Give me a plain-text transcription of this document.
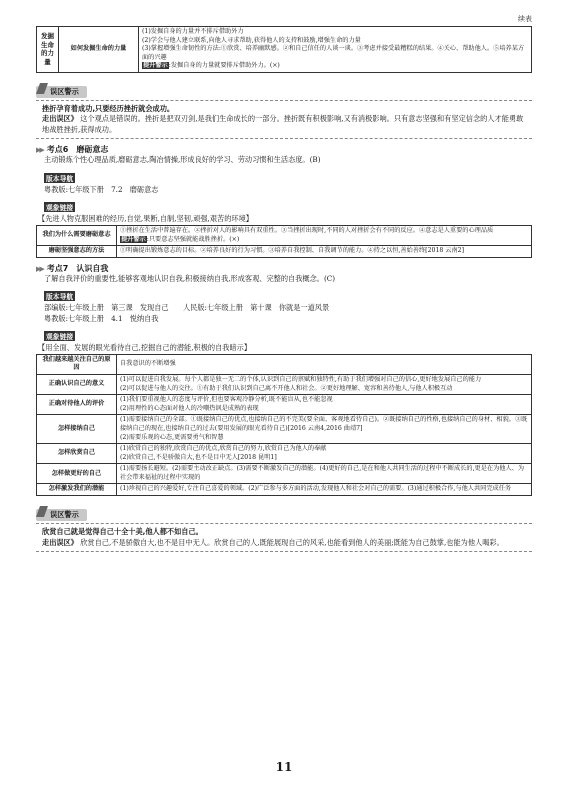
续表
发掘生命的力量	如何发掘生命的力量	
(1)发掘自身的力量并不排斥借助外力
(2)学会与他人建立联系,向他人寻求帮助,获得他人的支持和鼓励,增强生命的力量
(3)掌握增强生命韧性的方法:①欣赏、培养幽默感。②和自己信任的人谈一谈。③考虑并接受最糟糕的结果。④关心、帮助他人。⑤培养某方面的兴趣
提升警示:发掘自身的力量就要排斥借助外力。(×)
误区警示
挫折孕育着成功,只要经历挫折就会成功。
走出误区》 这个观点是错误的。挫折是把双刃剑,是我们生命成长的一部分。挫折既有积极影响,又有消极影响。只有意志坚强和有坚定信念的人才能勇敢地战胜挫折,获得成功。
▶▶ 考点6　磨砺意志
主动锻炼个性心理品质,磨砺意志,陶冶情操,形成良好的学习、劳动习惯和生活态度。(B)
版本导航
粤教版:七年级下册　7.2　磨砺意志
观象链接
【先进人物克服困难的经历,自觉,果断,自制,坚韧,顽强,艰苦的环境】
我们为什么需要磨砺意志	①挫折在生活中普遍存在。②挫折对人的影响具有双重性。③当挫折出现时,不同的人对挫折会有不同的反应。④意志是人重要的心理品质
提升警示:只要意志坚强就能战胜挫折。(×)

磨砺坚强意志的方法	①明确提出锻炼意志的目标。②培养良好的行为习惯。③培养自我控制、自我调节的能力。④持之以恒,善始善终[2018 云南2]
▶▶ 考点7　认识自我
了解自我评价的重要性,能够客观地认识自我,积极接纳自我,形成客观、完整的自我概念。(C)
版本导航
部编版:七年级上册　第三课　发现自己　　人民版:七年级上册　第十课　你就是一道风景
粤教版:七年级上册　4.1　悦纳自我
观象链接
【用全面、发展的眼光看待自己,挖掘自己的潜能,积极的自我暗示】
我们越来越关注自己的原因	自我意识的不断增强

正确认识自己的意义	(1)可以促进自我发展。每个人都是独一无二的个体,认识到自己的禀赋和独特性,有助于我们增强对自己的信心,更好地发展自己的能力
(2)可以促进与他人的交往。①有助于我们认识到自己离不开他人和社会。②更好地理解、宽容和善待他人,与他人积极互动

正确对待他人的评价	(1)我们要重视他人的态度与评价,但也要客观冷静分析,既不能盲从,也不能忽视
(2)用理性的心态面对他人的冷嘲热讽是成熟的表现

怎样接纳自己	(1)需要接纳自己的全部。①既接纳自己的优点,也接纳自己的不完美(要全面、客观地看待自己)。②既接纳自己的性格,也接纳自己的身材、相貌。③既接纳自己的现在,也接纳自己的过去(要用发展的眼光看待自己)[2016 云南4,2016 曲靖7]
(2)需要乐观的心态,更需要勇气和智慧

怎样欣赏自己	(1)欣赏自己的独特,欣赏自己的优点,欣赏自己的努力,欣赏自己为他人的奉献
(2)欣赏自己,不是骄傲自大,也不是目中无人[2018 昆明1]

怎样做更好的自己	(1)需要扬长避短。(2)需要主动改正缺点。(3)需要不断激发自己的潜能。(4)更好的自己,是在和他人共同生活的过程中不断成长的,更是在为他人、为社会带来福祉的过程中实现的

怎样激发我们的潜能	(1)珍视自己的兴趣爱好,专注自己喜爱的领域。(2)广泛参与多方面的活动,发现他人和社会对自己的需要。(3)通过积极合作,与他人共同完成任务
误区警示
欣赏自己就是觉得自己十全十美,他人都不如自己。
走出误区》 欣赏自己,不是骄傲自大,也不是目中无人。欣赏自己的人,既能展现自己的风采,也能看到他人的美丽;既能为自己鼓掌,也能为他人喝彩。
11
